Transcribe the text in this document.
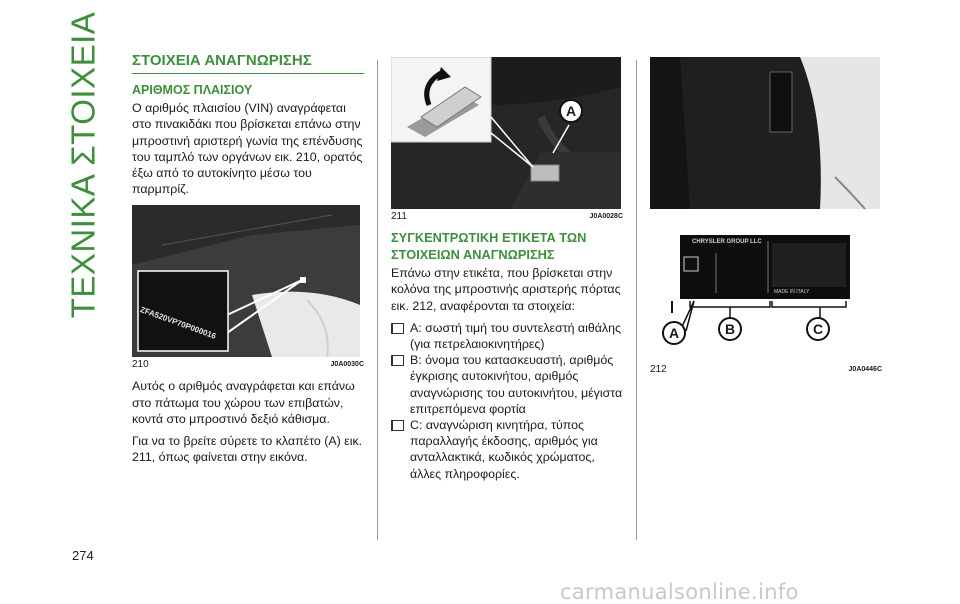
ΤΕΧΝΙΚΑ ΣΤΟΙΧΕΙΑ
274
ΣΤΟΙΧΕΙΑ ΑΝΑΓΝΩΡΙΣΗΣ
ΑΡΙΘΜΟΣ ΠΛΑΙΣΙΟΥ

Ο αριθμός πλαισίου (VIN) αναγράφεται στο πινακιδάκι που βρίσκεται επάνω στην μπροστινή αριστερή γωνία της επένδυσης του ταμπλό των οργάνων εικ. 210, ορατός έξω από το αυτοκίνητο μέσω του παρμπρίζ.

ZFA520VP70P000016
210	J0A0030C

Αυτός ο αριθμός αναγράφεται και επάνω στο πάτωμα του χώρου των επιβατών, κοντά στο μπροστινό δεξιό κάθισμα.

Για να το βρείτε σύρετε το κλαπέτο (A) εικ. 211, όπως φαίνεται στην εικόνα.

A
211	J0A0028C
ΣΥΓΚΕΝΤΡΩΤΙΚΗ ΕΤΙΚΕΤΑ ΤΩΝ ΣΤΟΙΧΕΙΩΝ ΑΝΑΓΝΩΡΙΣΗΣ

Επάνω στην ετικέτα, που βρίσκεται στην κολόνα της μπροστινής αριστερής πόρτας εικ. 212, αναφέρονται τα στοιχεία:

A: σωστή τιμή του συντελεστή αιθάλης (για πετρελαιοκινητήρες)
B: όνομα του κατασκευαστή, αριθμός έγκρισης αυτοκινήτου, αριθμός αναγνώρισης του αυτοκινήτου, μέγιστα επιτρεπόμενα φορτία
C: αναγνώριση κινητήρα, τύπος παραλλαγής έκδοσης, αριθμός για ανταλλακτικά, κωδικός χρώματος, άλλες πληροφορίες.
CHRYSLER GROUP LLC
MADE IN ITALY
A	B	C
212	J0A0446C
carmanualsonline.info
